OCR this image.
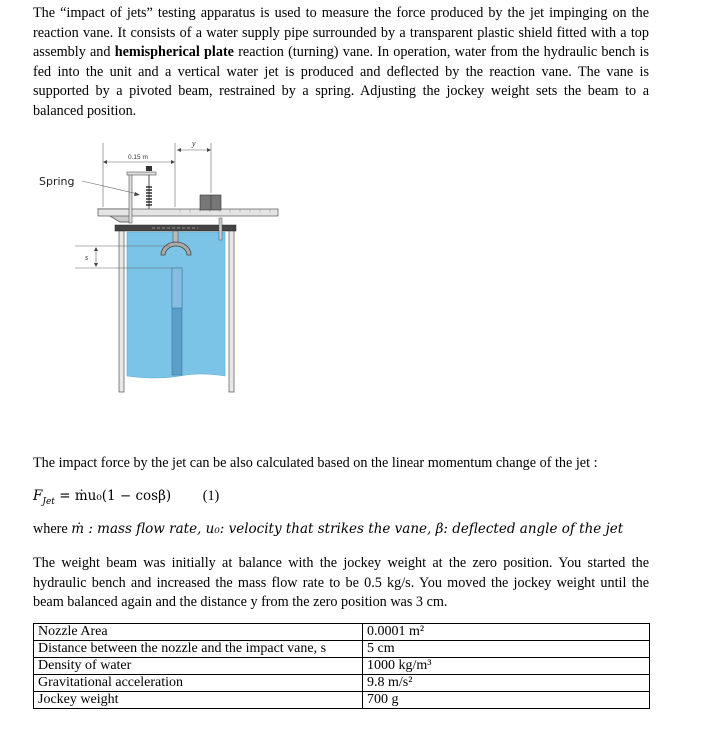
The “impact of jets” testing apparatus is used to measure the force produced by the jet impinging on the reaction vane. It consists of a water supply pipe surrounded by a transparent plastic shield fitted with a top assembly and hemispherical plate reaction (turning) vane. In operation, water from the hydraulic bench is fed into the unit and a vertical water jet is produced and deflected by the reaction vane. The vane is supported by a pivoted beam, restrained by a spring. Adjusting the jockey weight sets the beam to a balanced position.
0.15 m
y
s
Spring
The impact force by the jet can be also calculated based on the linear momentum change of the jet :
$F_{Jet}$ = ṁu₀(1 − cosβ) (1)
where ṁ : mass flow rate, u₀: velocity that strikes the vane, β: deflected angle of the jet
The weight beam was initially at balance with the jockey weight at the zero position. You started the hydraulic bench and increased the mass flow rate to be 0.5 kg/s. You moved the jockey weight until the beam balanced again and the distance y from the zero position was 3 cm.
Nozzle Area	0.0001 m²
Distance between the nozzle and the impact vane, s	5 cm
Density of water	1000 kg/m³
Gravitational acceleration	9.8 m/s²
Jockey weight	700 g
